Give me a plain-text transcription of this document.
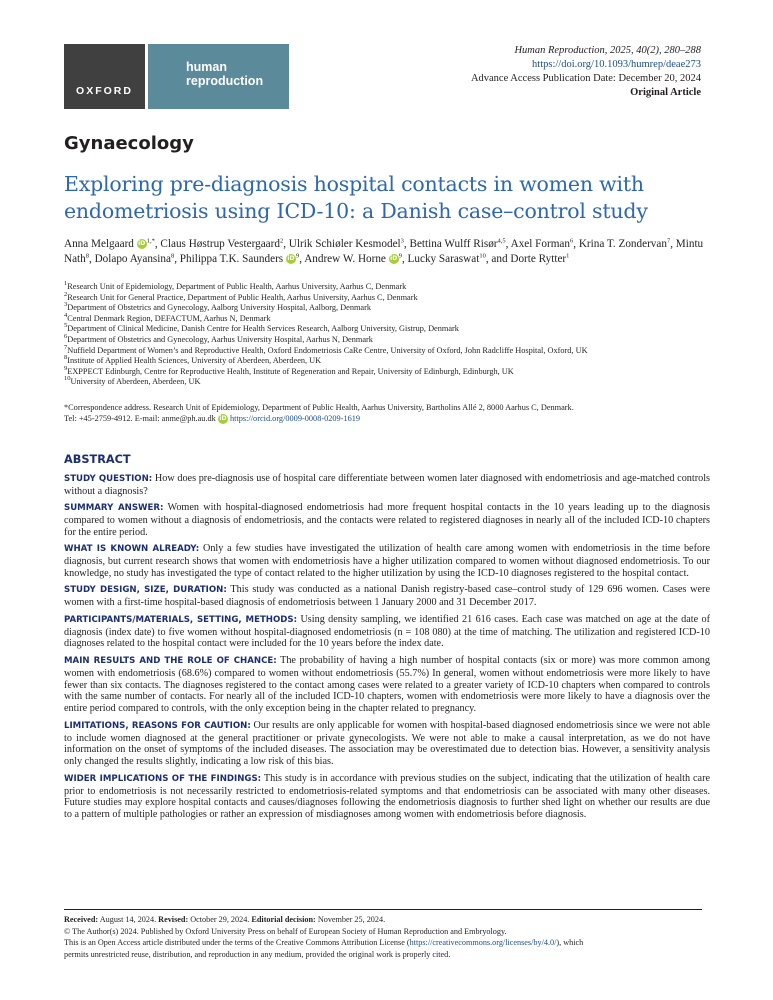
OXFORD
human
reproduction
Human Reproduction, 2025, 40(2), 280–288
https://doi.org/10.1093/humrep/deae273
Advance Access Publication Date: December 20, 2024
Original Article
Gynaecology
Exploring pre-diagnosis hospital contacts in women with endometriosis using ICD-10: a Danish case–control study
Anna Melgaard $iD^{1,*}$, Claus Høstrup Vestergaard$^2$, Ulrik Schiøler Kesmodel$^3$, Bettina Wulff Risør$^{4,5}$, Axel Forman$^6$, Krina T. Zondervan$^7$, Mintu Nath$^8$, Dolapo Ayansina$^8$, Philippa T.K. Saunders $iD^9$, Andrew W. Horne $iD^9$, Lucky Saraswat$^{10}$, and Dorte Rytter$^1$
$^1$Research Unit of Epidemiology, Department of Public Health, Aarhus University, Aarhus C, Denmark
$^2$Research Unit for General Practice, Department of Public Health, Aarhus University, Aarhus C, Denmark
$^3$Department of Obstetrics and Gynecology, Aalborg University Hospital, Aalborg, Denmark
$^4$Central Denmark Region, DEFACTUM, Aarhus N, Denmark
$^5$Department of Clinical Medicine, Danish Centre for Health Services Research, Aalborg University, Gistrup, Denmark
$^6$Department of Obstetrics and Gynecology, Aarhus University Hospital, Aarhus N, Denmark
$^7$Nuffield Department of Women’s and Reproductive Health, Oxford Endometriosis CaRe Centre, University of Oxford, John Radcliffe Hospital, Oxford, UK
$^8$Institute of Applied Health Sciences, University of Aberdeen, Aberdeen, UK
$^9$EXPPECT Edinburgh, Centre for Reproductive Health, Institute of Regeneration and Repair, University of Edinburgh, Edinburgh, UK
$^{10}$University of Aberdeen, Aberdeen, UK
*Correspondence address. Research Unit of Epidemiology, Department of Public Health, Aarhus University, Bartholins Allé 2, 8000 Aarhus C, Denmark.
Tel: +45-2759-4912. E-mail: anme@ph.au.dk iD https://orcid.org/0009-0008-0209-1619
ABSTRACT

STUDY QUESTION: How does pre-diagnosis use of hospital care differentiate between women later diagnosed with endometriosis and age-matched controls without a diagnosis?

SUMMARY ANSWER: Women with hospital-diagnosed endometriosis had more frequent hospital contacts in the 10 years leading up to the diagnosis compared to women without a diagnosis of endometriosis, and the contacts were related to registered diagnoses in nearly all of the included ICD-10 chapters for the entire period.

WHAT IS KNOWN ALREADY: Only a few studies have investigated the utilization of health care among women with endometriosis in the time before diagnosis, but current research shows that women with endometriosis have a higher utilization compared to women without diagnosed endometriosis. To our knowledge, no study has investigated the type of contact related to the higher utilization by using the ICD-10 diagnoses registered to the hospital contact.

STUDY DESIGN, SIZE, DURATION: This study was conducted as a national Danish registry-based case–control study of 129 696 women. Cases were women with a first-time hospital-based diagnosis of endometriosis between 1 January 2000 and 31 December 2017.

PARTICIPANTS/MATERIALS, SETTING, METHODS: Using density sampling, we identified 21 616 cases. Each case was matched on age at the date of diagnosis (index date) to five women without hospital-diagnosed endometriosis (n = 108 080) at the time of matching. The utilization and registered ICD-10 diagnoses related to the hospital contact were included for the 10 years before the index date.

MAIN RESULTS AND THE ROLE OF CHANCE: The probability of having a high number of hospital contacts (six or more) was more common among women with endometriosis (68.6%) compared to women without endometriosis (55.7%) In general, women without endometriosis were more likely to have fewer than six contacts. The diagnoses registered to the contact among cases were related to a greater variety of ICD-10 chapters when compared to controls with the same number of contacts. For nearly all of the included ICD-10 chapters, women with endometriosis were more likely to have a diagnosis over the entire period compared to controls, with the only exception being in the chapter related to pregnancy.

LIMITATIONS, REASONS FOR CAUTION: Our results are only applicable for women with hospital-based diagnosed endometriosis since we were not able to include women diagnosed at the general practitioner or private gynecologists. We were not able to make a causal interpretation, as we do not have information on the onset of symptoms of the included diseases. The association may be overestimated due to detection bias. However, a sensitivity analysis only changed the results slightly, indicating a low risk of this bias.

WIDER IMPLICATIONS OF THE FINDINGS: This study is in accordance with previous studies on the subject, indicating that the utilization of health care prior to endometriosis is not necessarily restricted to endometriosis-related symptoms and that endometriosis can be associated with many other diseases. Future studies may explore hospital contacts and causes/diagnoses following the endometriosis diagnosis to further shed light on whether our results are due to a pattern of multiple pathologies or rather an expression of misdiagnoses among women with endometriosis before diagnosis.

Received: August 14, 2024. Revised: October 29, 2024. Editorial decision: November 25, 2024.
© The Author(s) 2024. Published by Oxford University Press on behalf of European Society of Human Reproduction and Embryology.
This is an Open Access article distributed under the terms of the Creative Commons Attribution License (https://creativecommons.org/licenses/by/4.0/), which
permits unrestricted reuse, distribution, and reproduction in any medium, provided the original work is properly cited.
